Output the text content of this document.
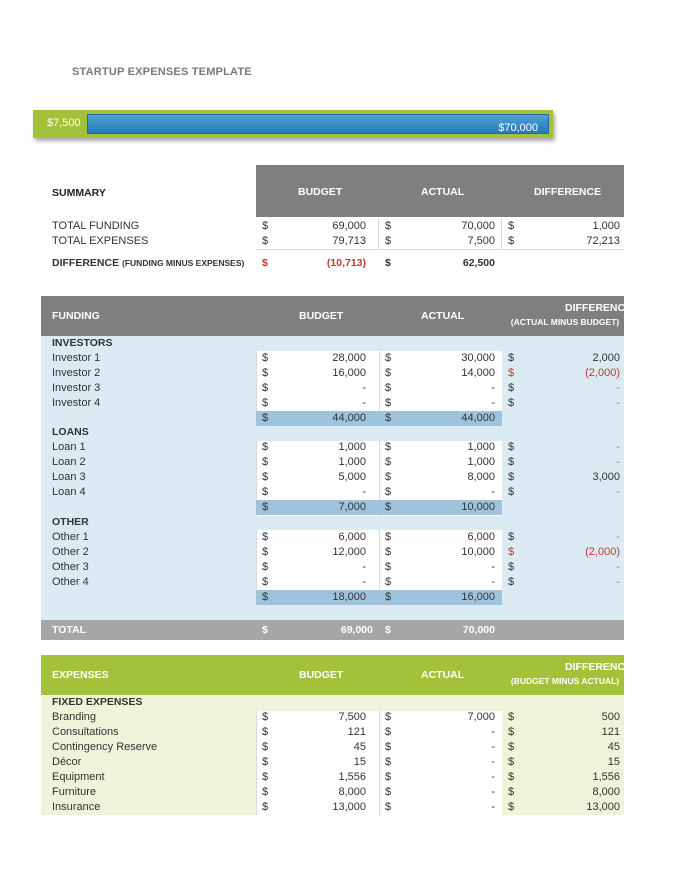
STARTUP EXPENSES TEMPLATE
$7,500	$70,000
BUDGET	ACTUAL	DIFFERENCE
SUMMARY
TOTAL FUNDING	$	69,000 $	70,000 $	1,000
TOTAL EXPENSES	$	79,713 $	7,500 $	72,213
DIFFERENCE (FUNDING MINUS EXPENSES) $	(10,713) $	62,500
FUNDING	BUDGET	ACTUAL
DIFFERENCE

(ACTUAL MINUS BUDGET)
INVESTORS
Investor 1	$	28,000 $	30,000 $	2,000
Investor 2	$	16,000 $	14,000 $	(2,000)
Investor 3	$	- $	- $	-
Investor 4	$	- $	- $	-
$	44,000 $	44,000
LOANS
Loan 1	$	1,000 $	1,000 $	-
Loan 2	$	1,000 $	1,000 $	-
Loan 3	$	5,000 $	8,000 $	3,000
Loan 4	$	- $	- $	-
$	7,000 $	10,000
OTHER
Other 1	$	6,000 $	6,000 $	-
Other 2	$	12,000 $	10,000 $	(2,000)
Other 3	$	- $	- $	-
Other 4	$	- $	- $	-
$	18,000 $	16,000
TOTAL	$	69,000 $	70,000
EXPENSES	BUDGET	ACTUAL
DIFFERENCE

(BUDGET MINUS ACTUAL)
FIXED EXPENSES
Branding	$	7,500 $	7,000 $	500
Consultations	$	121 $	- $	121
Contingency Reserve	$	45 $	- $	45
Décor	$	15 $	- $	15
Equipment	$	1,556 $	- $	1,556
Furniture	$	8,000 $	- $	8,000
Insurance	$	13,000 $	- $	13,000
